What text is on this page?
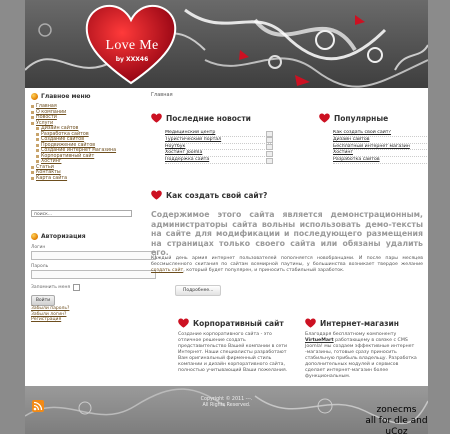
Love Me
by XXX46
Главное меню
Главная
О компании
Новости
Услуги
Дизайн сайтов
Разработка сайтов
Создание сайтов
Продвижение сайтов
Создание интернет магазина
Корпоративный сайт
Хостинг
Статьи
Контакты
Карта сайта
поиск...
Авторизация
Логин
Пароль
Запомнить меня
Войти
Забыли пароль?
Забыли логин?
Регистрация
Главная
Последние новости
Медицинский центр
Туристический портал
Ноутбук
Хостинг Joomla
Поддержка сайта
Популярные
Как создать свой сайт?
Дизайн сайтов
Бесплатный интернет магазин
Хостинг
Разработка сайтов
Как создать свой сайт?
Содержимое этого сайта является демонстрационным, администраторы сайта вольны использовать демо-тексты на сайте для модификации и последующего размещения на страницах только своего сайта или обязаны удалить его.
Каждый день армия интернет пользователей пополняется новобранцами. И после пары месяцев бессмысленного скитания по сайтам всемирной паутины, у большинства возникает твердое желание создать сайт, который будет популярен, и приносить стабильный заработок.
Подробнее...
Корпоративный сайт
Создание корпоративного сайта - это отличное решение создать представительство Вашей компании в сети Интернет. Наши специалисты разработают Вам оригинальный фирменный стиль компании и дизайн корпоративного сайта, полностью учитывающий Ваши пожелания.
Интернет-магазин
Благодаря бесплатному компоненту VirtueMart работающему в связке с CMS Joomla! мы создаем эффективные интернет -магазины, готовые сразу приносить стабильную прибыль владельцу. Разработка дополнительных модулей и сервисов сделает интернет-магазин более функциональным.
Copyright © 2011 ---.
All Rights Reserved.	zonecms
all for dle and uCoz
